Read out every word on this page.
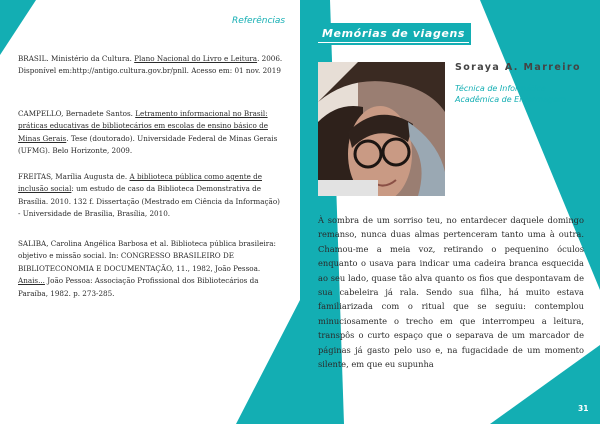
Referências
BRASIL. Ministério da Cultura. Plano Nacional do Livro e Leitura. 2006. Disponível em:http://antigo.cultura.gov.br/pnll. Acesso em: 01 nov. 2019
CAMPELLO, Bernadete Santos. Letramento informacional no Brasil: práticas educativas de bibliotecários em escolas de ensino básico de Minas Gerais. Tese (doutorado). Universidade Federal de Minas Gerais (UFMG). Belo Horizonte, 2009.
FREITAS, Marília Augusta de. A biblioteca pública como agente de inclusão social: um estudo de caso da Biblioteca Demonstrativa de Brasília. 2010. 132 f. Dissertação (Mestrado em Ciência da Informação) - Universidade de Brasília, Brasília, 2010.
SALIBA, Carolina Angélica Barbosa et al. Biblioteca pública brasileira: objetivo e missão social. In: CONGRESSO BRASILEIRO DE BIBLIOTECONOMIA E DOCUMENTAÇÃO, 11., 1982, João Pessoa. Anais... João Pessoa: Associação Profissional dos Bibliotecários da Paraíba, 1982. p. 273-285.
Memórias de viagens
Soraya A. Marreiro
Técnica de Informática Acadêmica de Enfermagem

À sombra de um sorriso teu, no entardecer daquele domingo remanso, nunca duas almas pertenceram tanto uma à outra. Chamou-me a meia voz, retirando o pequenino óculos enquanto o usava para indicar uma cadeira branca esquecida ao seu lado, quase tão alva quanto os fios que despontavam de sua cabeleira já rala. Sendo sua filha, há muito estava familiarizada com o ritual que se seguiu: contemplou minuciosamente o trecho em que interrompeu a leitura, transpôs o curto espaço que o separava de um marcador de páginas já gasto pelo uso e, na fugacidade de um momento silente, em que eu supunha

31
